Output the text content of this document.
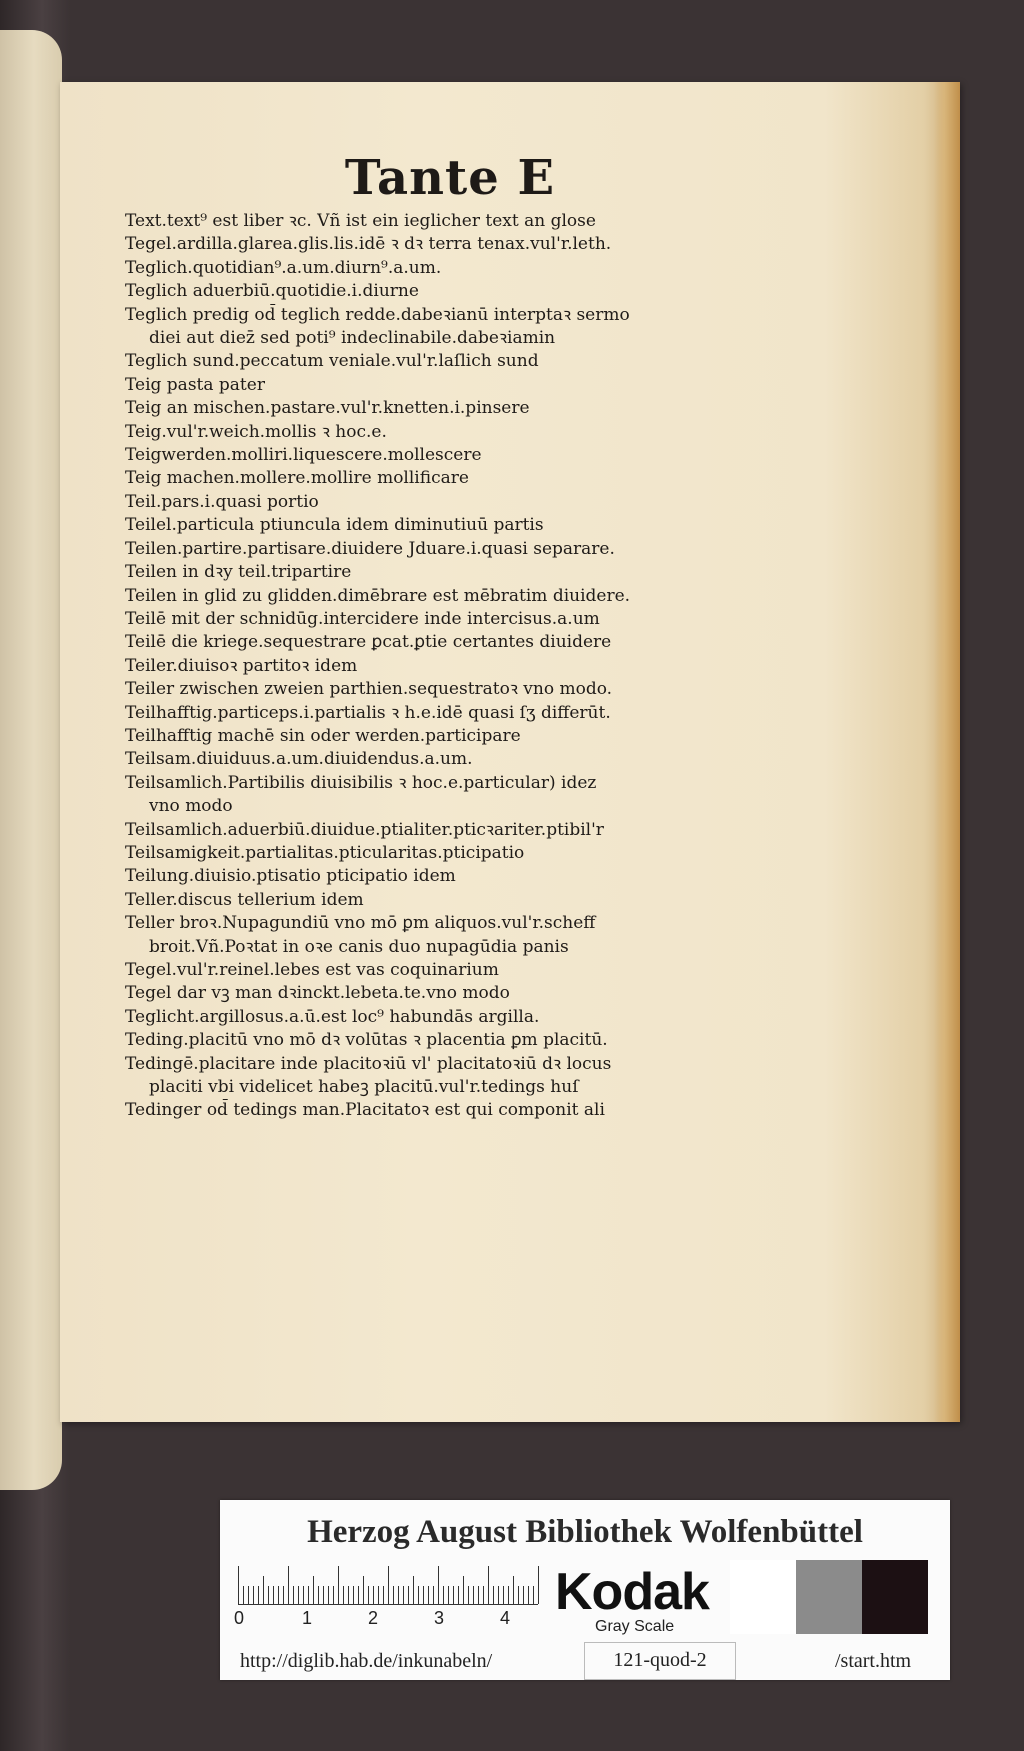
Tante E
Text.text⁹ est liber ꝛc. Vñ ist ein ieglicher text an glose
Tegel.ardilla.glarea.glis.lis.idē ꝛ dꝛ terra tenax.vul'r.leth.
Teglich.quotidian⁹.a.um.diurn⁹.a.um.
Teglich aduerbiū.quotidie.i.diurne
Teglich predig od̄ teglich redde.dabeꝛianū interptaꝛ sermo
diei aut diez̄ sed poti⁹ indeclinabile.dabeꝛiamin
Teglich sund.peccatum veniale.vul'r.laſlich sund
Teig pasta pater
Teig an mischen.pastare.vul'r.knetten.i.pinsere
Teig.vul'r.weich.mollis ꝛ hoc.e.
Teigwerden.molliri.liquescere.mollescere
Teig machen.mollere.mollire mollificare
Teil.pars.i.quasi portio
Teilel.particula ptiuncula idem diminutiuū partis
Teilen.partire.partisare.diuidere Jduare.i.quasi separare.
Teilen in dꝛy teil.tripartire
Teilen in glid zu glidden.dimēbrare est mēbratim diuidere.
Teilē mit der schnidūg.intercidere inde intercisus.a.um
Teilē die kriege.sequestrare ꝑcat.ꝑtie certantes diuidere
Teiler.diuisoꝛ partitoꝛ idem
Teiler zwischen zweien parthien.sequestratoꝛ vno modo.
Teilhafftig.particeps.i.partialis ꝛ h.e.idē quasi ſʒ differūt.
Teilhafftig machē sin oder werden.participare
Teilsam.diuiduus.a.um.diuidendus.a.um.
Teilsamlich.Partibilis diuisibilis ꝛ hoc.e.particular) idez
vno modo
Teilsamlich.aduerbiū.diuidue.ptialiter.pticꝛariter.ptibil'r
Teilsamigkeit.partialitas.pticularitas.pticipatio
Teilung.diuisio.ptisatio pticipatio idem
Teller.discus tellerium idem
Teller broꝛ.Nupagundiū vno mō ꝑm aliquos.vul'r.scheff
broit.Vñ.Poꝛtat in oꝛe canis duo nupagūdia panis
Tegel.vul'r.reinel.lebes est vas coquinarium
Tegel dar vꝫ man dꝛinckt.lebeta.te.vno modo
Teglicht.argillosus.a.ū.est loc⁹ habundās argilla.
Teding.placitū vno mō dꝛ volūtas ꝛ placentia ꝑm placitū.
Tedingē.placitare inde placitoꝛiū vl' placitatoꝛiū dꝛ locus
placiti vbi videlicet habeꝫ placitū.vul'r.tedings huſ
Tedinger od̄ tedings man.Placitatoꝛ est qui componit ali
Herzog August Bibliothek Wolfenbüttel
0	1	2	3	4 Kodak
Gray Scale
http://diglib.hab.de/inkunabeln/	121-quod-2	/start.htm
